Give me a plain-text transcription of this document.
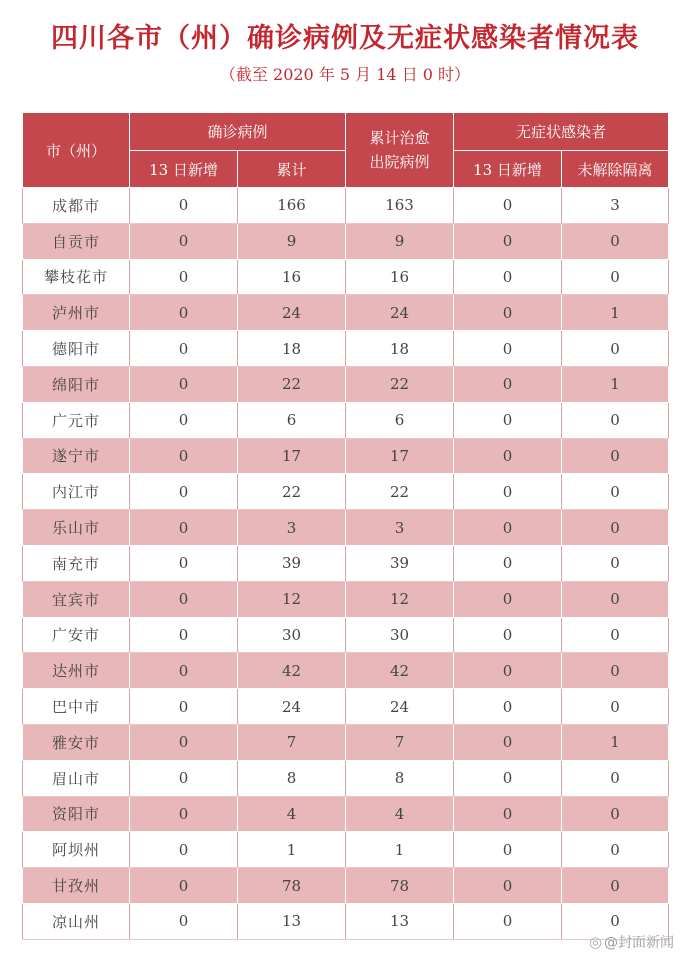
四川各市（州）确诊病例及无症状感染者情况表
（截至 2020 年 5 月 14 日 0 时）
市（州）	确诊病例		累计治愈出院病例	无症状感染者	
	13 日新增	累计		13 日新增	未解除隔离
成都市	0	166	163	0	3
自贡市	0	9	9	0	0
攀枝花市	0	16	16	0	0
泸州市	0	24	24	0	1
德阳市	0	18	18	0	0
绵阳市	0	22	22	0	1
广元市	0	6	6	0	0
遂宁市	0	17	17	0	0
内江市	0	22	22	0	0
乐山市	0	3	3	0	0
南充市	0	39	39	0	0
宜宾市	0	12	12	0	0
广安市	0	30	30	0	0
达州市	0	42	42	0	0
巴中市	0	24	24	0	0
雅安市	0	7	7	0	1
眉山市	0	8	8	0	0
资阳市	0	4	4	0	0
阿坝州	0	1	1	0	0
甘孜州	0	78	78	0	0
凉山州	0	13	13	0	0
◎ @封面新闻
